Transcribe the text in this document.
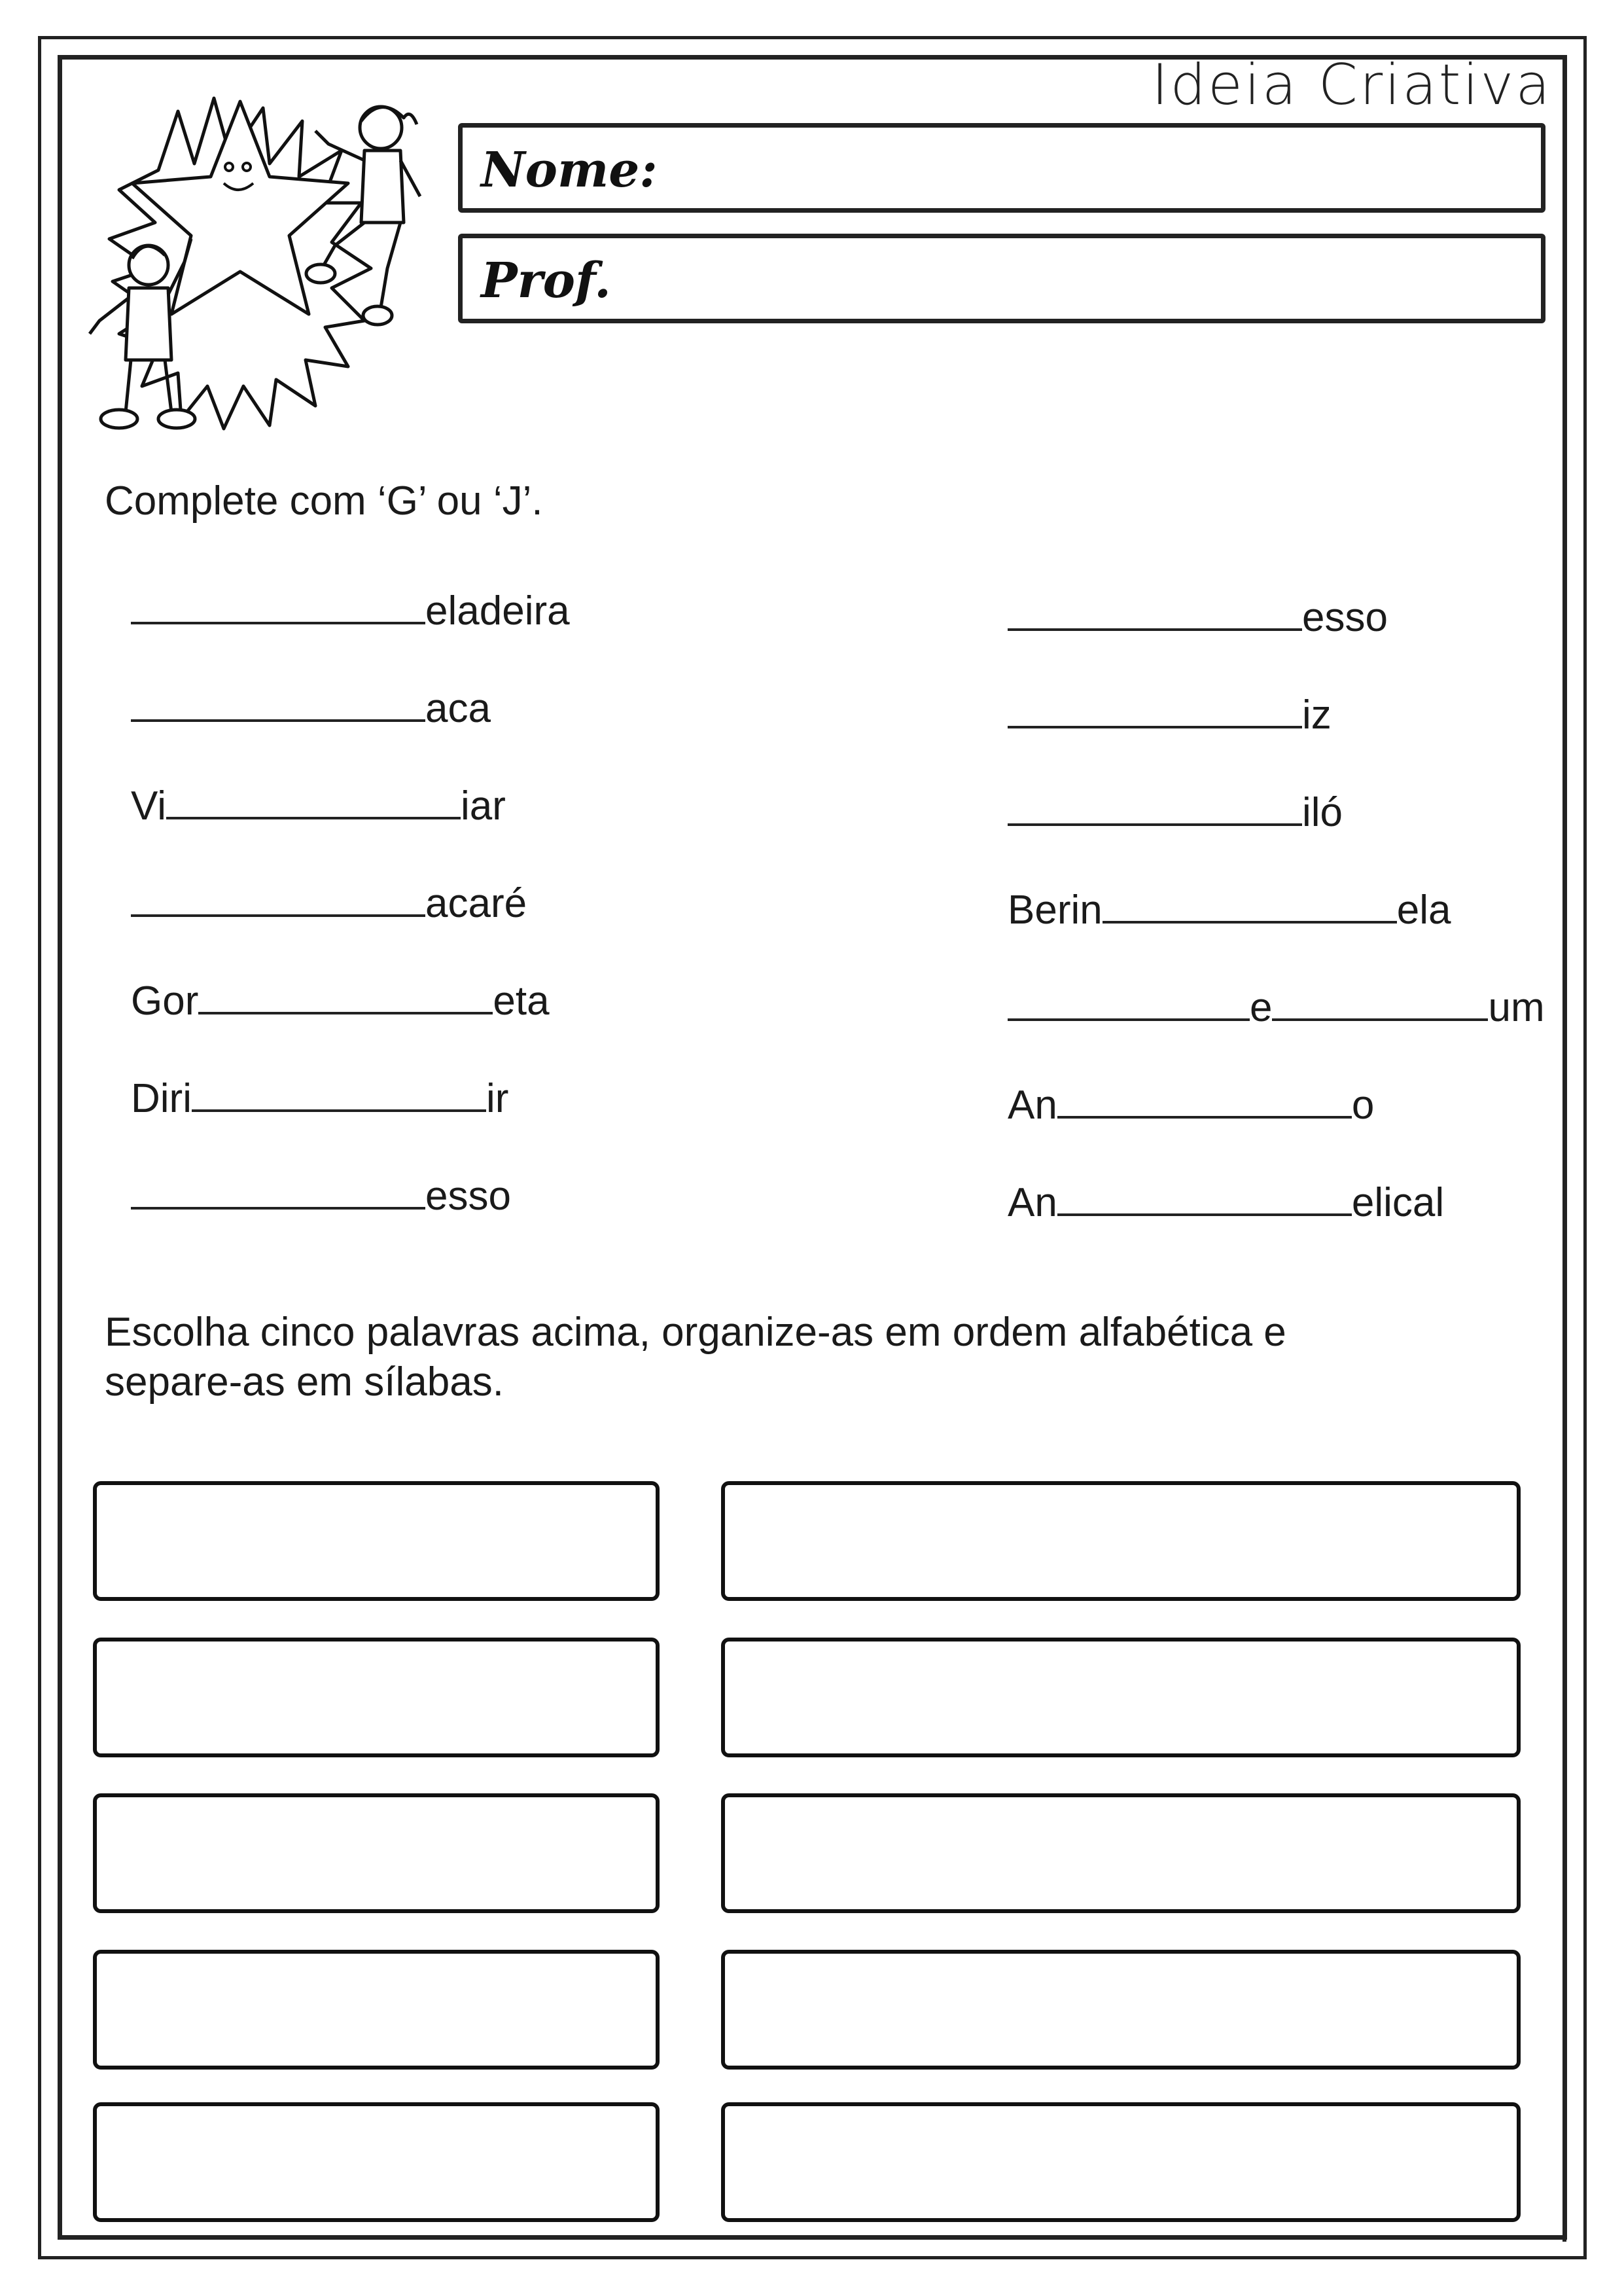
Ideia Criativa
Nome:
Prof.
Complete com ‘G’ ou ‘J’.
eladeira
aca
Vi	iar
acaré
Gor	eta
Diri	ir
esso
esso
iz
iló
Berin	ela
e	um
An	o
An	elical
Escolha cinco palavras acima, organize-as em ordem alfabética e
separe-as em sílabas.
